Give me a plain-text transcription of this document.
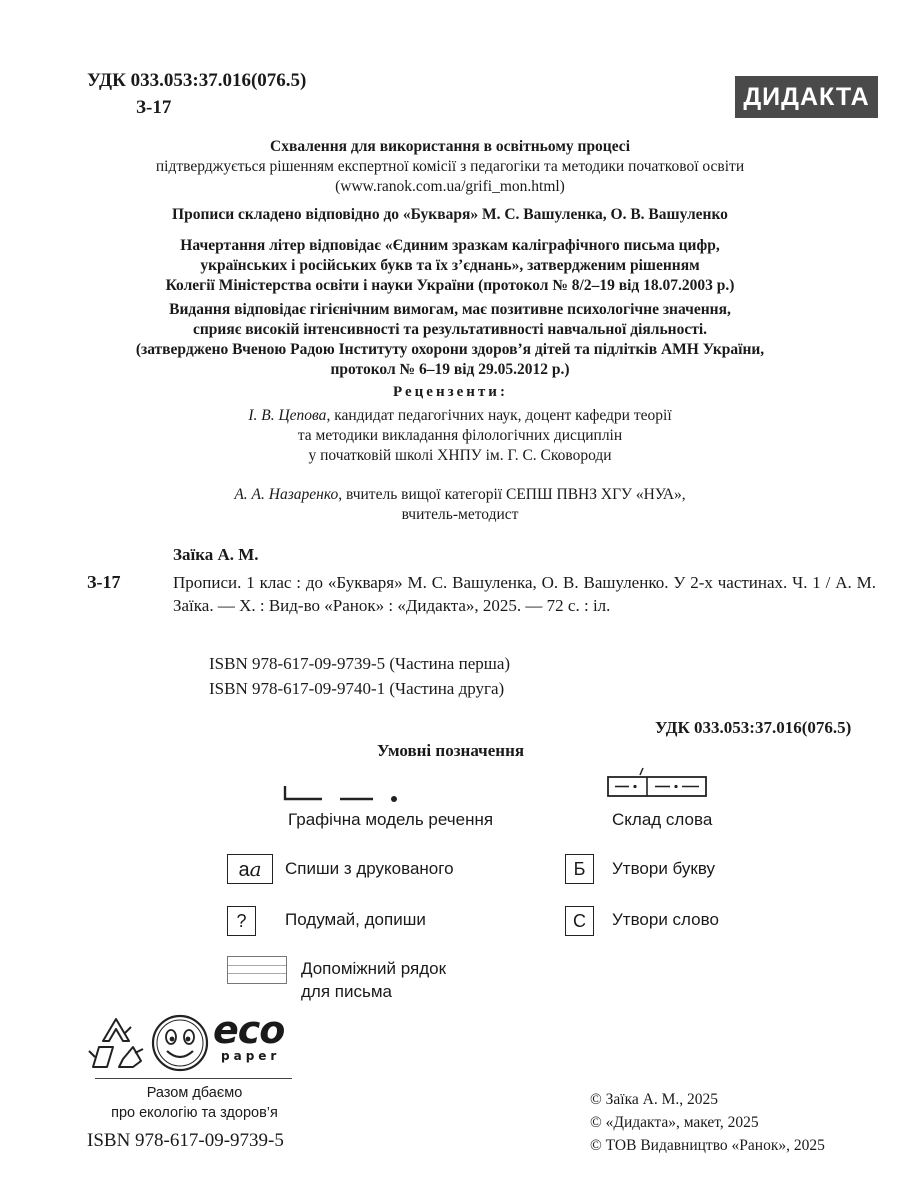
УДК 033.053:37.016(076.5)
З-17	ДИДАКТА
Схвалення для використання в освітньому процесі
підтверджується рішенням експертної комісії з педагогіки та методики початкової освіти
(www.ranok.com.ua/grifi_mon.html)
Прописи складено відповідно до «Букваря» М. С. Вашуленка, О. В. Вашуленко
Начертання літер відповідає «Єдиним зразкам каліграфічного письма цифр,
українських і російських букв та їх з’єднань», затвердженим рішенням
Колегії Міністерства освіти і науки України (протокол № 8/2–19 від 18.07.2003 р.)
Видання відповідає гігієнічним вимогам, має позитивне психологічне значення,
сприяє високій інтенсивності та результативності навчальної діяльності.
(затверджено Вченою Радою Інституту охорони здоров’я дітей та підлітків АМН України,
протокол № 6–19 від 29.05.2012 р.)
Рецензенти:
І. В. Цепова, кандидат педагогічних наук, доцент кафедри теорії
та методики викладання філологічних дисциплін
у початковій школі ХНПУ ім. Г. С. Сковороди
А. А. Назаренко, вчитель вищої категорії СЕПШ ПВНЗ ХГУ «НУА»,
вчитель-методист
Заїка А. М.
З-17	Прописи. 1 клас : до «Букваря» М. С. Вашуленка, О. В. Вашуленко. У 2-х частинах. Ч. 1 / А. М. Заїка. — Х. : Вид-во «Ранок» : «Дидакта», 2025. — 72 с. : іл.
ISBN 978-617-09-9739-5 (Частина перша)
ISBN 978-617-09-9740-1 (Частина друга)
УДК 033.053:37.016(076.5)
Умовні позначення
Графічна модель речення	Склад слова
аа	Спиши з друкованого	Б	Утвори букву
?	Подумай, допиши	С	Утвори слово
Допоміжний рядок
для письма
eco
paper
Разом дбаємо
про екологію та здоров’я
ISBN 978-617-09-9739-5
© Заїка А. М., 2025
© «Дидакта», макет, 2025
© ТОВ Видавництво «Ранок», 2025
